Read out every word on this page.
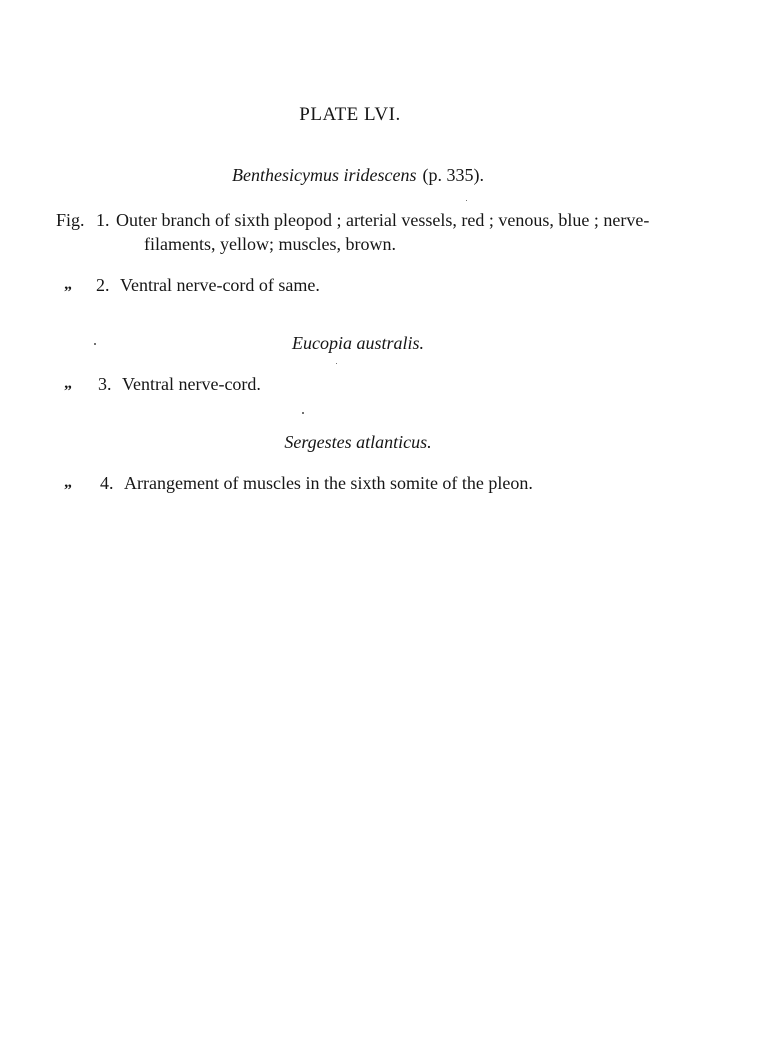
PLATE LVI.
Benthesicymus iridescens (p. 335).
Fig. 1. Outer branch of sixth pleopod ; arterial vessels, red ; venous, blue ; nerve-
filaments, yellow; muscles, brown.
„ 2. Ventral nerve-cord of same.
Eucopia australis.
„ 3. Ventral nerve-cord.
Sergestes atlanticus.
„ 4. Arrangement of muscles in the sixth somite of the pleon.
